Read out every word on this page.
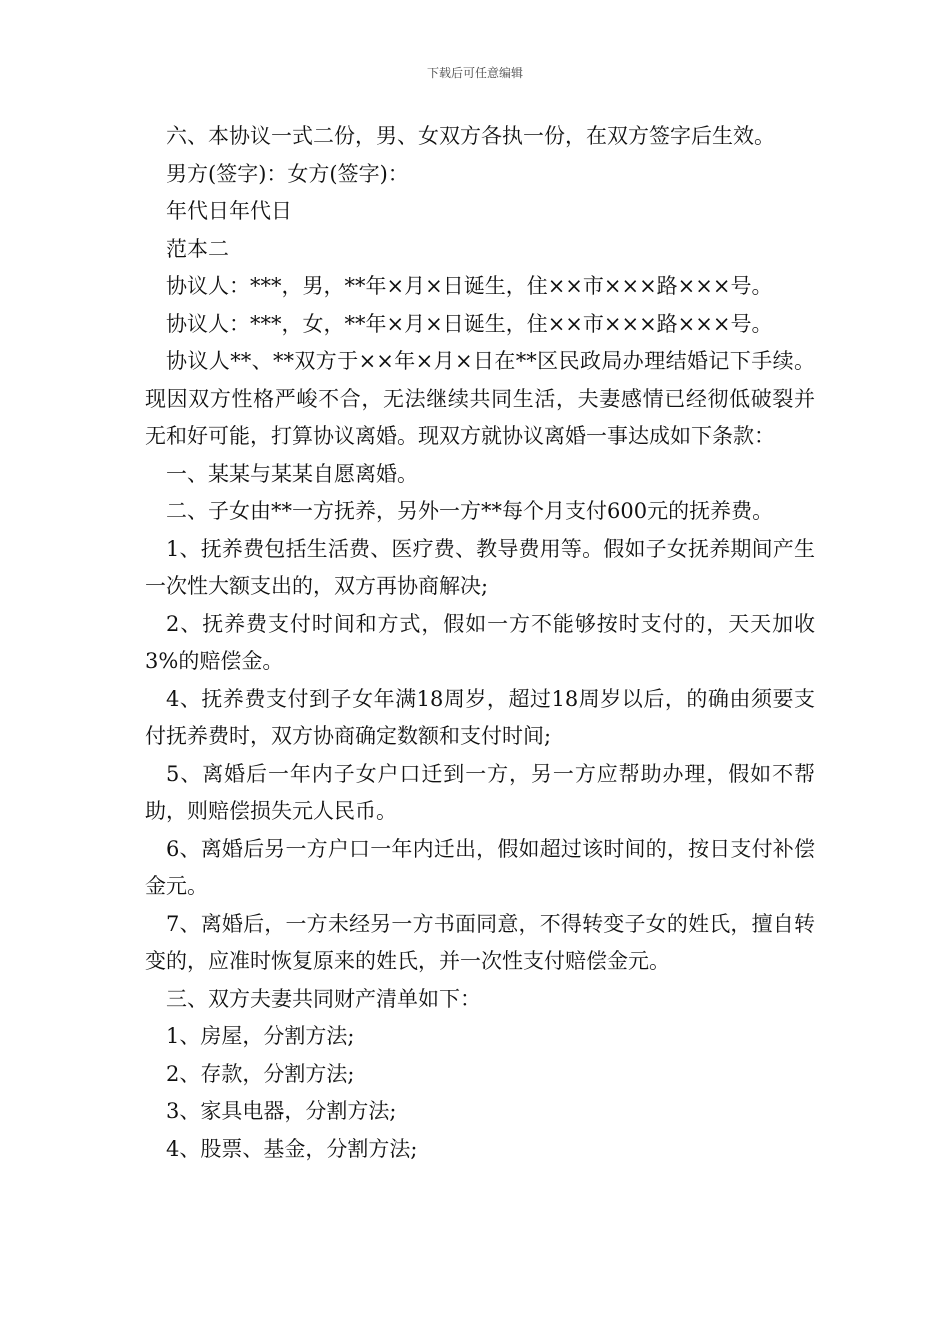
下载后可任意编辑

六、本协议一式二份，男、女双方各执一份，在双方签字后生效。

男方(签字)：女方(签字)：

年代日年代日

范本二

协议人：***，男，**年×月×日诞生，住××市×××路×××号。

协议人：***，女，**年×月×日诞生，住××市×××路×××号。

协议人**、**双方于××年×月×日在**区民政局办理结婚记下手续。现因双方性格严峻不合，无法继续共同生活，夫妻感情已经彻低破裂并无和好可能，打算协议离婚。现双方就协议离婚一事达成如下条款：

一、某某与某某自愿离婚。

二、子女由**一方抚养，另外一方**每个月支付600元的抚养费。

1、抚养费包括生活费、医疗费、教导费用等。假如子女抚养期间产生一次性大额支出的，双方再协商解决;

2、抚养费支付时间和方式，假如一方不能够按时支付的，天天加收3%的赔偿金。

4、抚养费支付到子女年满18周岁，超过18周岁以后，的确由须要支付抚养费时，双方协商确定数额和支付时间;

5、离婚后一年内子女户口迁到一方，另一方应帮助办理，假如不帮助，则赔偿损失元人民币。

6、离婚后另一方户口一年内迁出，假如超过该时间的，按日支付补偿金元。

7、离婚后，一方未经另一方书面同意，不得转变子女的姓氏，擅自转变的，应准时恢复原来的姓氏，并一次性支付赔偿金元。

三、双方夫妻共同财产清单如下：

1、房屋，分割方法;

2、存款，分割方法;

3、家具电器，分割方法;

4、股票、基金，分割方法;
